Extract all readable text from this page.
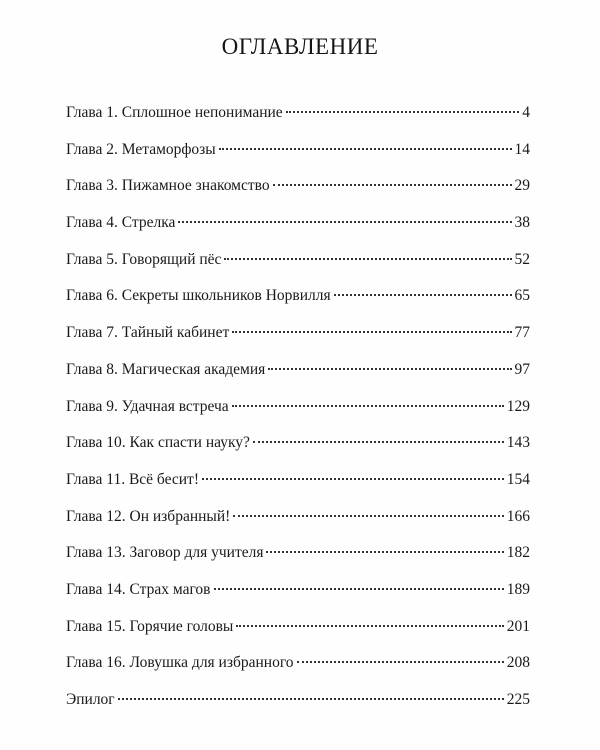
ОГЛАВЛЕНИЕ
Глава 1. Сплошное непонимание	4
Глава 2. Метаморфозы	14
Глава 3. Пижамное знакомство	29
Глава 4. Стрелка	38
Глава 5. Говорящий пёс	52
Глава 6. Секреты школьников Норвилля	65
Глава 7. Тайный кабинет	77
Глава 8. Магическая академия	97
Глава 9. Удачная встреча	129
Глава 10. Как спасти науку?	143
Глава 11. Всё бесит!	154
Глава 12. Он избранный!	166
Глава 13. Заговор для учителя	182
Глава 14. Страх магов	189
Глава 15. Горячие головы	201
Глава 16. Ловушка для избранного	208
Эпилог	225
